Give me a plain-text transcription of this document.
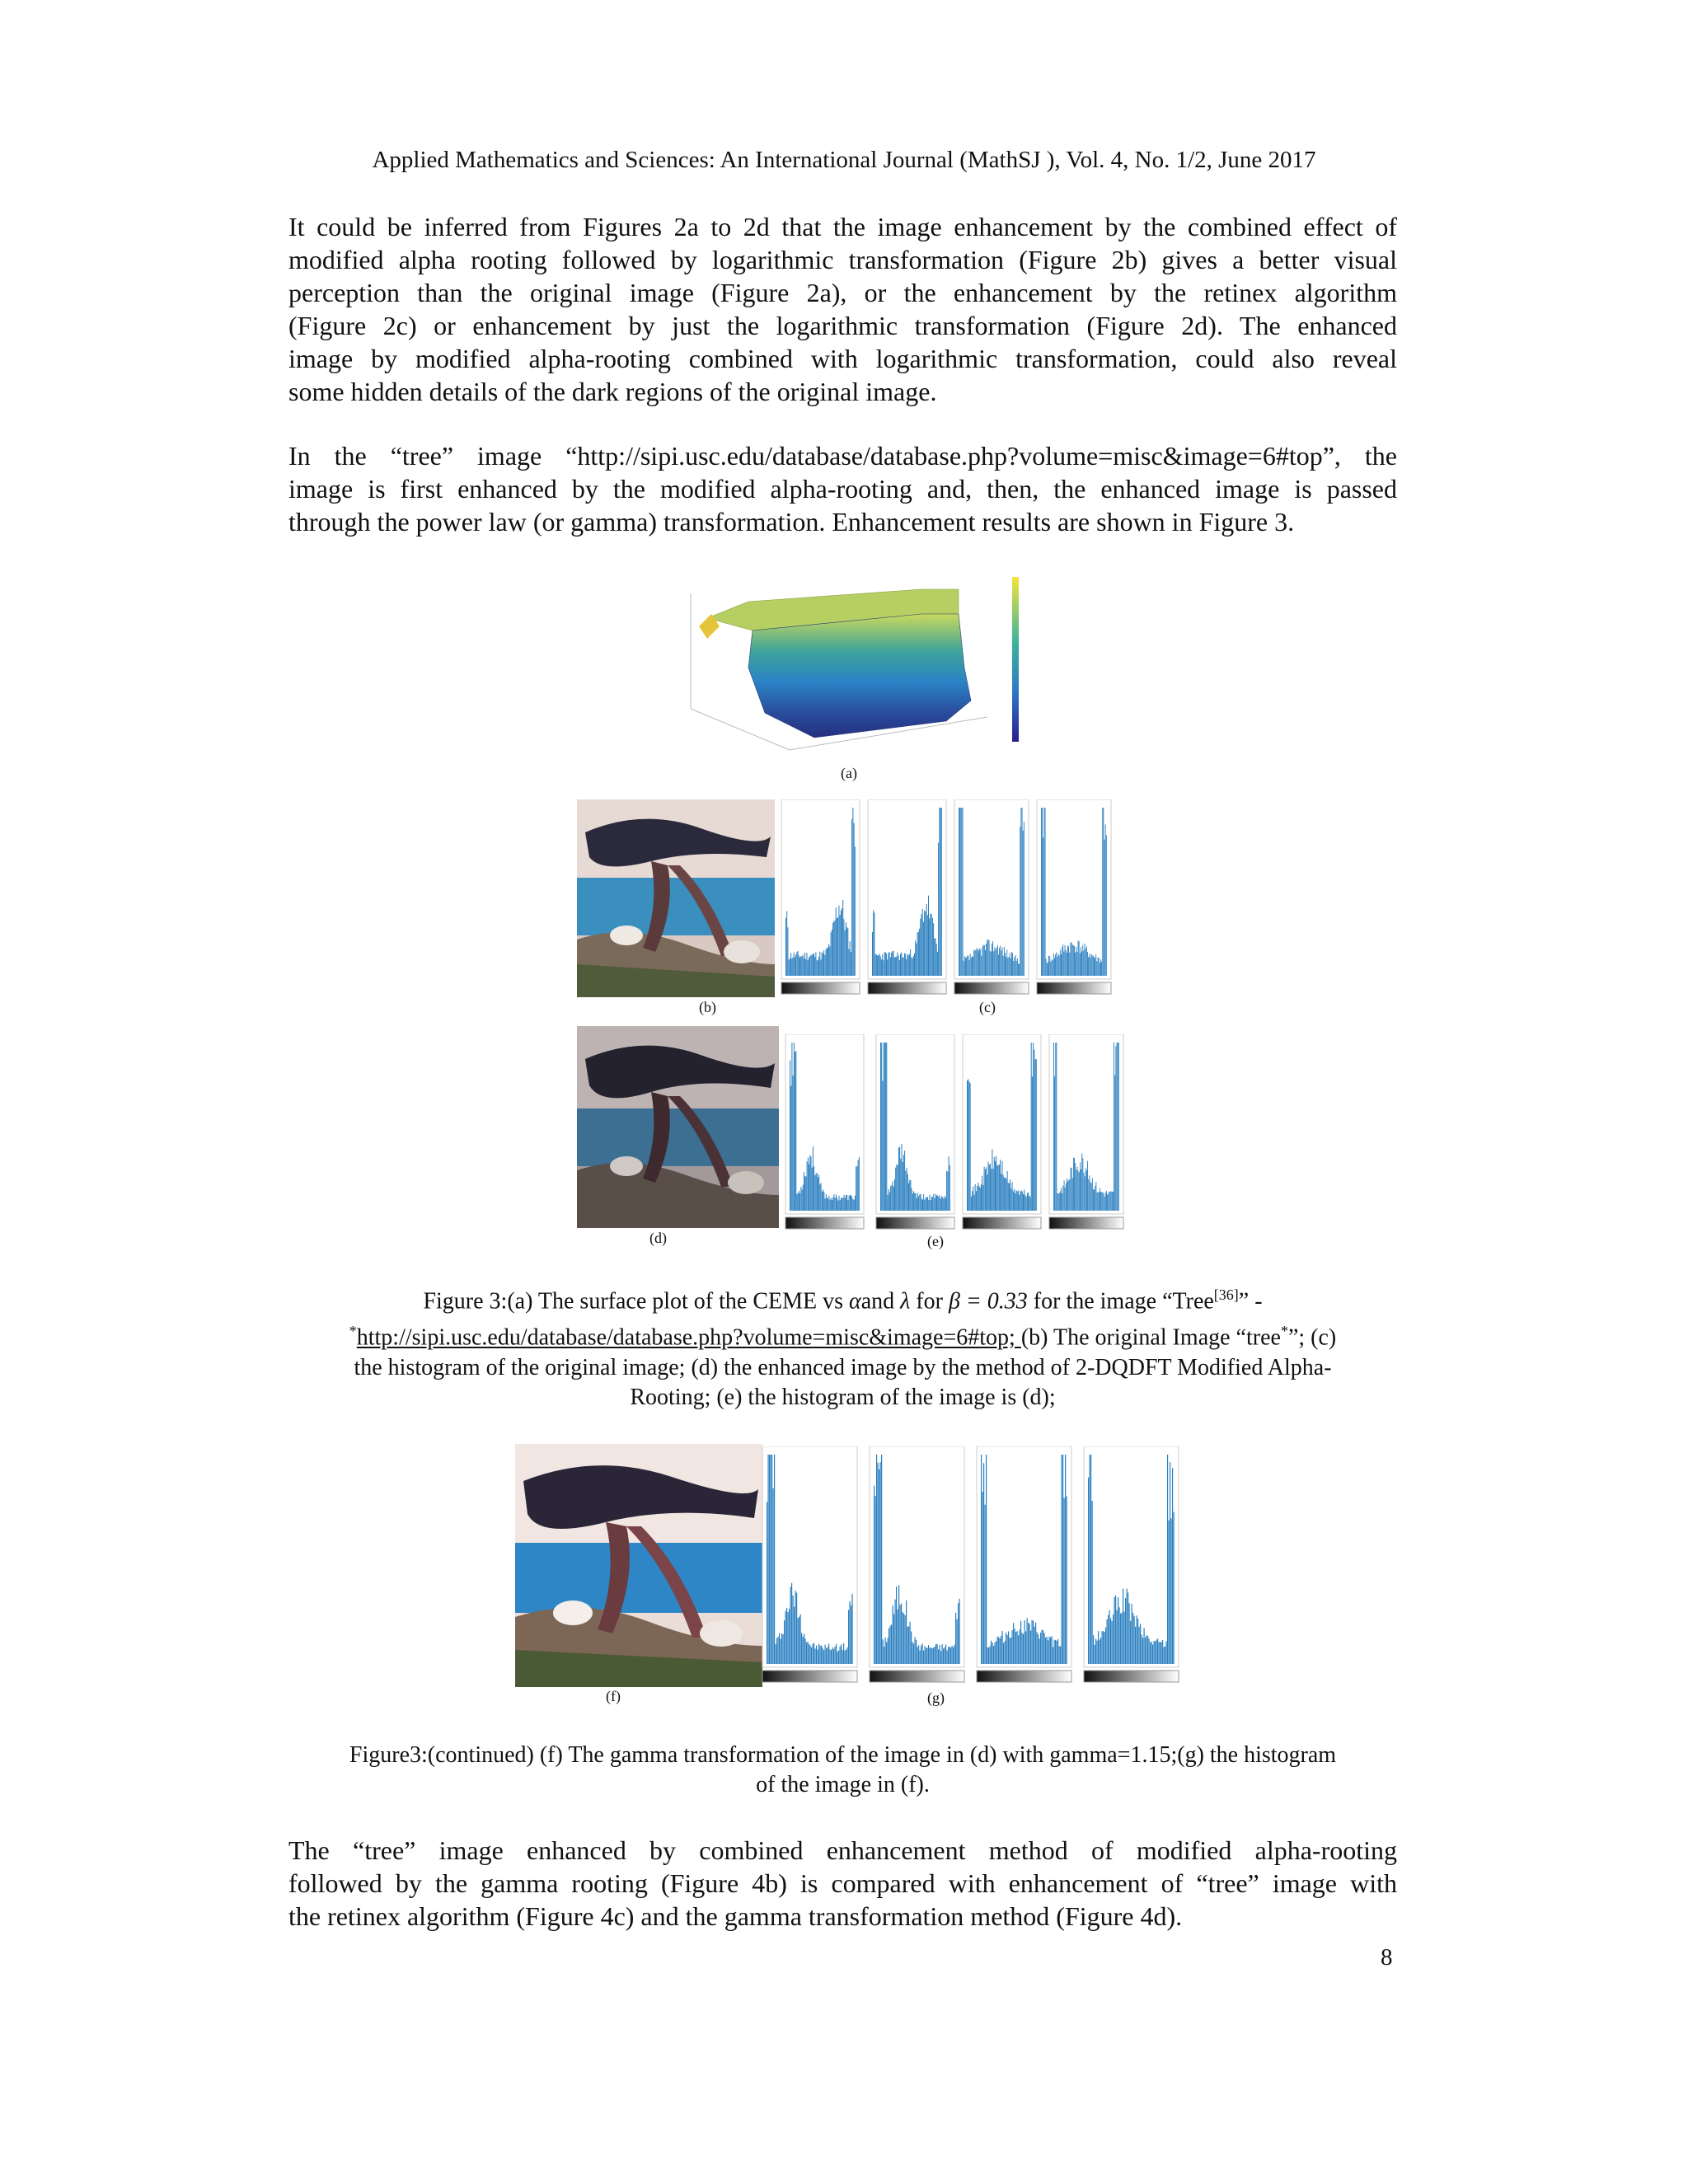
Applied Mathematics and Sciences: An International Journal (MathSJ ), Vol. 4, No. 1/2, June 2017
It could be inferred from Figures 2a to 2d that the image enhancement by the combined effect of
modified alpha rooting followed by logarithmic transformation (Figure 2b) gives a better visual
perception than the original image (Figure 2a), or the enhancement by the retinex algorithm
(Figure 2c) or enhancement by just the logarithmic transformation (Figure 2d). The enhanced
image by modified alpha-rooting combined with logarithmic transformation, could also reveal
some hidden details of the dark regions of the original image.
In the “tree” image “http://sipi.usc.edu/database/database.php?volume=misc&image=6#top”, the
image is first enhanced by the modified alpha-rooting and, then, the enhanced image is passed
through the power law (or gamma) transformation. Enhancement results are shown in Figure 3.
(a)
(b)	(c)
(d)	(e)
Figure 3:(a) The surface plot of the CEME vs αand λ for β = 0.33 for the image “Tree[36]” -
*http://sipi.usc.edu/database/database.php?volume=misc&image=6#top; (b) The original Image “tree*”; (c)
the histogram of the original image; (d) the enhanced image by the method of 2-DQDFT Modified Alpha-
Rooting; (e) the histogram of the image is (d);
(f)	(g)
Figure3:(continued) (f) The gamma transformation of the image in (d) with gamma=1.15;(g) the histogram
of the image in (f).
The “tree” image enhanced by combined enhancement method of modified alpha-rooting
followed by the gamma rooting (Figure 4b) is compared with enhancement of “tree” image with
the retinex algorithm (Figure 4c) and the gamma transformation method (Figure 4d).
8
